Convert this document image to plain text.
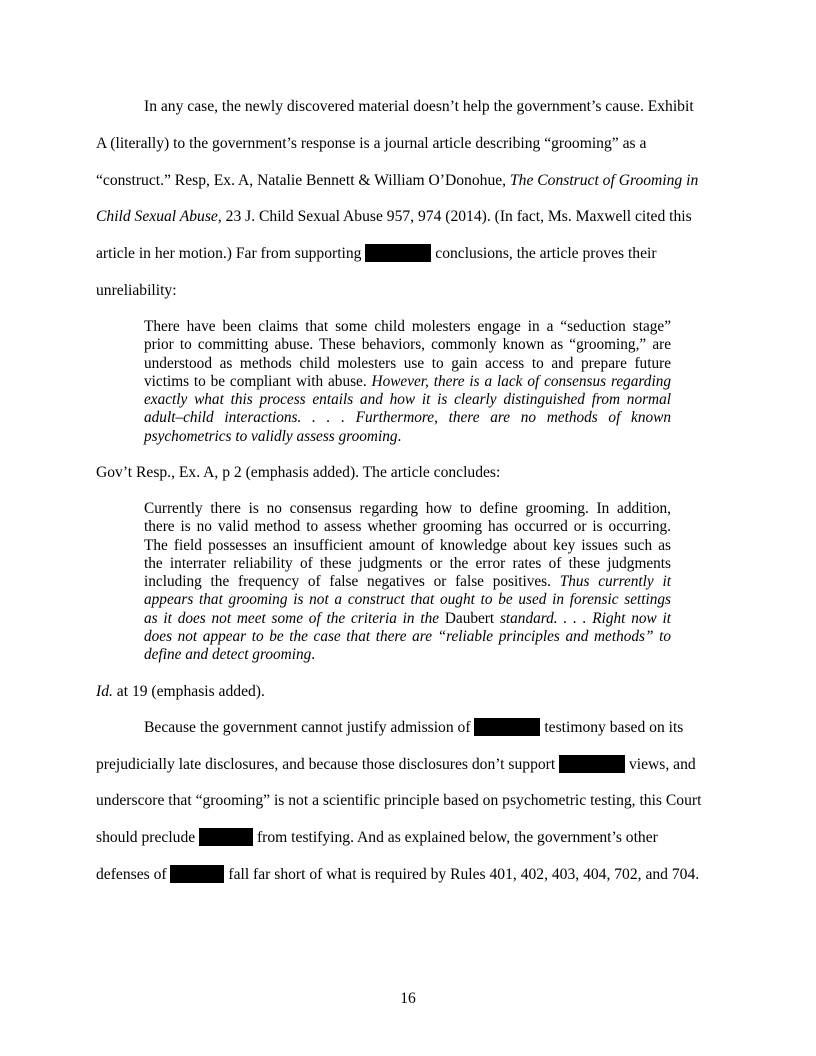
In any case, the newly discovered material doesn’t help the government’s cause. Exhibit
A (literally) to the government’s response is a journal article describing “grooming” as a
“construct.” Resp, Ex. A, Natalie Bennett & William O’Donohue, The Construct of Grooming in
Child Sexual Abuse, 23 J. Child Sexual Abuse 957, 974 (2014). (In fact, Ms. Maxwell cited this
article in her motion.) Far from supporting	conclusions, the article proves their
unreliability:
There have been claims that some child molesters engage in a “seduction stage”
prior to committing abuse. These behaviors, commonly known as “grooming,” are
understood as methods child molesters use to gain access to and prepare future
victims to be compliant with abuse. However, there is a lack of consensus regarding
exactly what this process entails and how it is clearly distinguished from normal
adult–child interactions. . . . Furthermore, there are no methods of known
psychometrics to validly assess grooming.
Gov’t Resp., Ex. A, p 2 (emphasis added). The article concludes:
Currently there is no consensus regarding how to define grooming. In addition,
there is no valid method to assess whether grooming has occurred or is occurring.
The field possesses an insufficient amount of knowledge about key issues such as
the interrater reliability of these judgments or the error rates of these judgments
including the frequency of false negatives or false positives. Thus currently it
appears that grooming is not a construct that ought to be used in forensic settings
as it does not meet some of the criteria in the Daubert standard. . . . Right now it
does not appear to be the case that there are “reliable principles and methods” to
define and detect grooming.
Id. at 19 (emphasis added).
Because the government cannot justify admission of	testimony based on its
prejudicially late disclosures, and because those disclosures don’t support	views, and
underscore that “grooming” is not a scientific principle based on psychometric testing, this Court
should preclude	from testifying. And as explained below, the government’s other
defenses of	fall far short of what is required by Rules 401, 402, 403, 404, 702, and 704.
16
